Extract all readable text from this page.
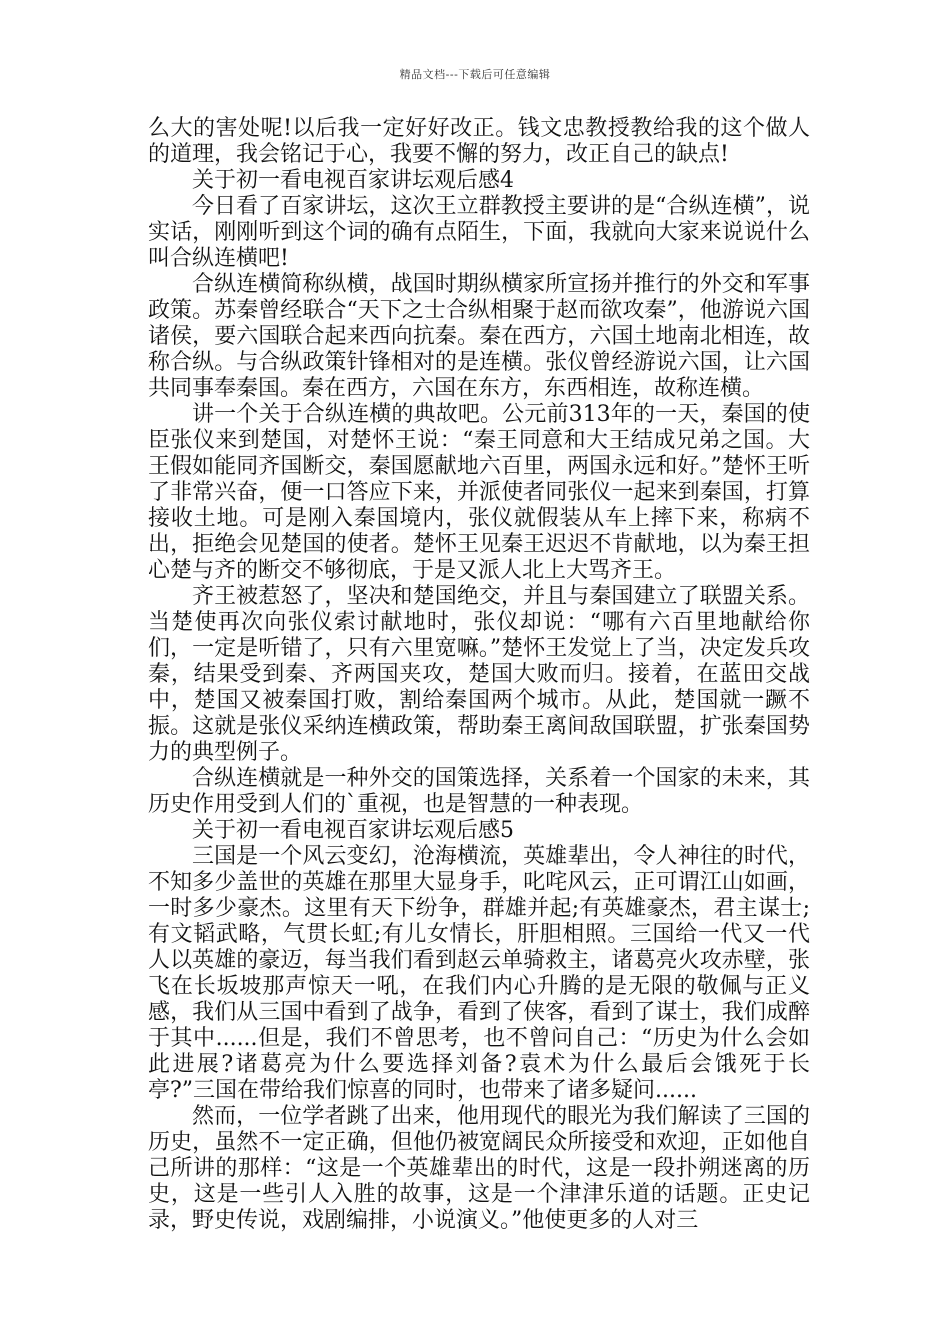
精品文档---下载后可任意编辑

么大的害处呢!以后我一定好好改正。钱文忠教授教给我的这个做人的道理，我会铭记于心，我要不懈的努力，改正自己的缺点!

关于初一看电视百家讲坛观后感4

今日看了百家讲坛，这次王立群教授主要讲的是“合纵连横”，说实话，刚刚听到这个词的确有点陌生，下面，我就向大家来说说什么叫合纵连横吧!

合纵连横简称纵横，战国时期纵横家所宣扬并推行的外交和军事政策。苏秦曾经联合“天下之士合纵相聚于赵而欲攻秦”，他游说六国诸侯，要六国联合起来西向抗秦。秦在西方，六国土地南北相连，故称合纵。与合纵政策针锋相对的是连横。张仪曾经游说六国，让六国共同事奉秦国。秦在西方，六国在东方，东西相连，故称连横。

讲一个关于合纵连横的典故吧。公元前313年的一天，秦国的使臣张仪来到楚国，对楚怀王说：“秦王同意和大王结成兄弟之国。大王假如能同齐国断交，秦国愿献地六百里，两国永远和好。”楚怀王听了非常兴奋，便一口答应下来，并派使者同张仪一起来到秦国，打算接收土地。可是刚入秦国境内，张仪就假装从车上摔下来，称病不出，拒绝会见楚国的使者。楚怀王见秦王迟迟不肯献地，以为秦王担心楚与齐的断交不够彻底，于是又派人北上大骂齐王。

齐王被惹怒了，坚决和楚国绝交，并且与秦国建立了联盟关系。当楚使再次向张仪索讨献地时，张仪却说：“哪有六百里地献给你们，一定是听错了，只有六里宽嘛。”楚怀王发觉上了当，决定发兵攻秦，结果受到秦、齐两国夹攻，楚国大败而归。接着，在蓝田交战中，楚国又被秦国打败，割给秦国两个城市。从此，楚国就一蹶不振。这就是张仪采纳连横政策，帮助秦王离间敌国联盟，扩张秦国势力的典型例子。

合纵连横就是一种外交的国策选择，关系着一个国家的未来，其历史作用受到人们的`重视，也是智慧的一种表现。

关于初一看电视百家讲坛观后感5

三国是一个风云变幻，沧海横流，英雄辈出，令人神往的时代，不知多少盖世的英雄在那里大显身手，叱咤风云，正可谓江山如画，一时多少豪杰。这里有天下纷争，群雄并起;有英雄豪杰，君主谋士;有文韬武略，气贯长虹;有儿女情长，肝胆相照。三国给一代又一代人以英雄的豪迈，每当我们看到赵云单骑救主，诸葛亮火攻赤壁，张飞在长坂坡那声惊天一吼，在我们内心升腾的是无限的敬佩与正义感，我们从三国中看到了战争，看到了侠客，看到了谋士，我们成醉于其中......但是，我们不曾思考，也不曾问自己：“历史为什么会如此进展?诸葛亮为什么要选择刘备?袁术为什么最后会饿死于长亭?”三国在带给我们惊喜的同时，也带来了诸多疑问......

然而，一位学者跳了出来，他用现代的眼光为我们解读了三国的历史，虽然不一定正确，但他仍被宽阔民众所接受和欢迎，正如他自己所讲的那样：“这是一个英雄辈出的时代，这是一段扑朔迷离的历史，这是一些引人入胜的故事，这是一个津津乐道的话题。正史记录，野史传说，戏剧编排，小说演义。”他使更多的人对三
